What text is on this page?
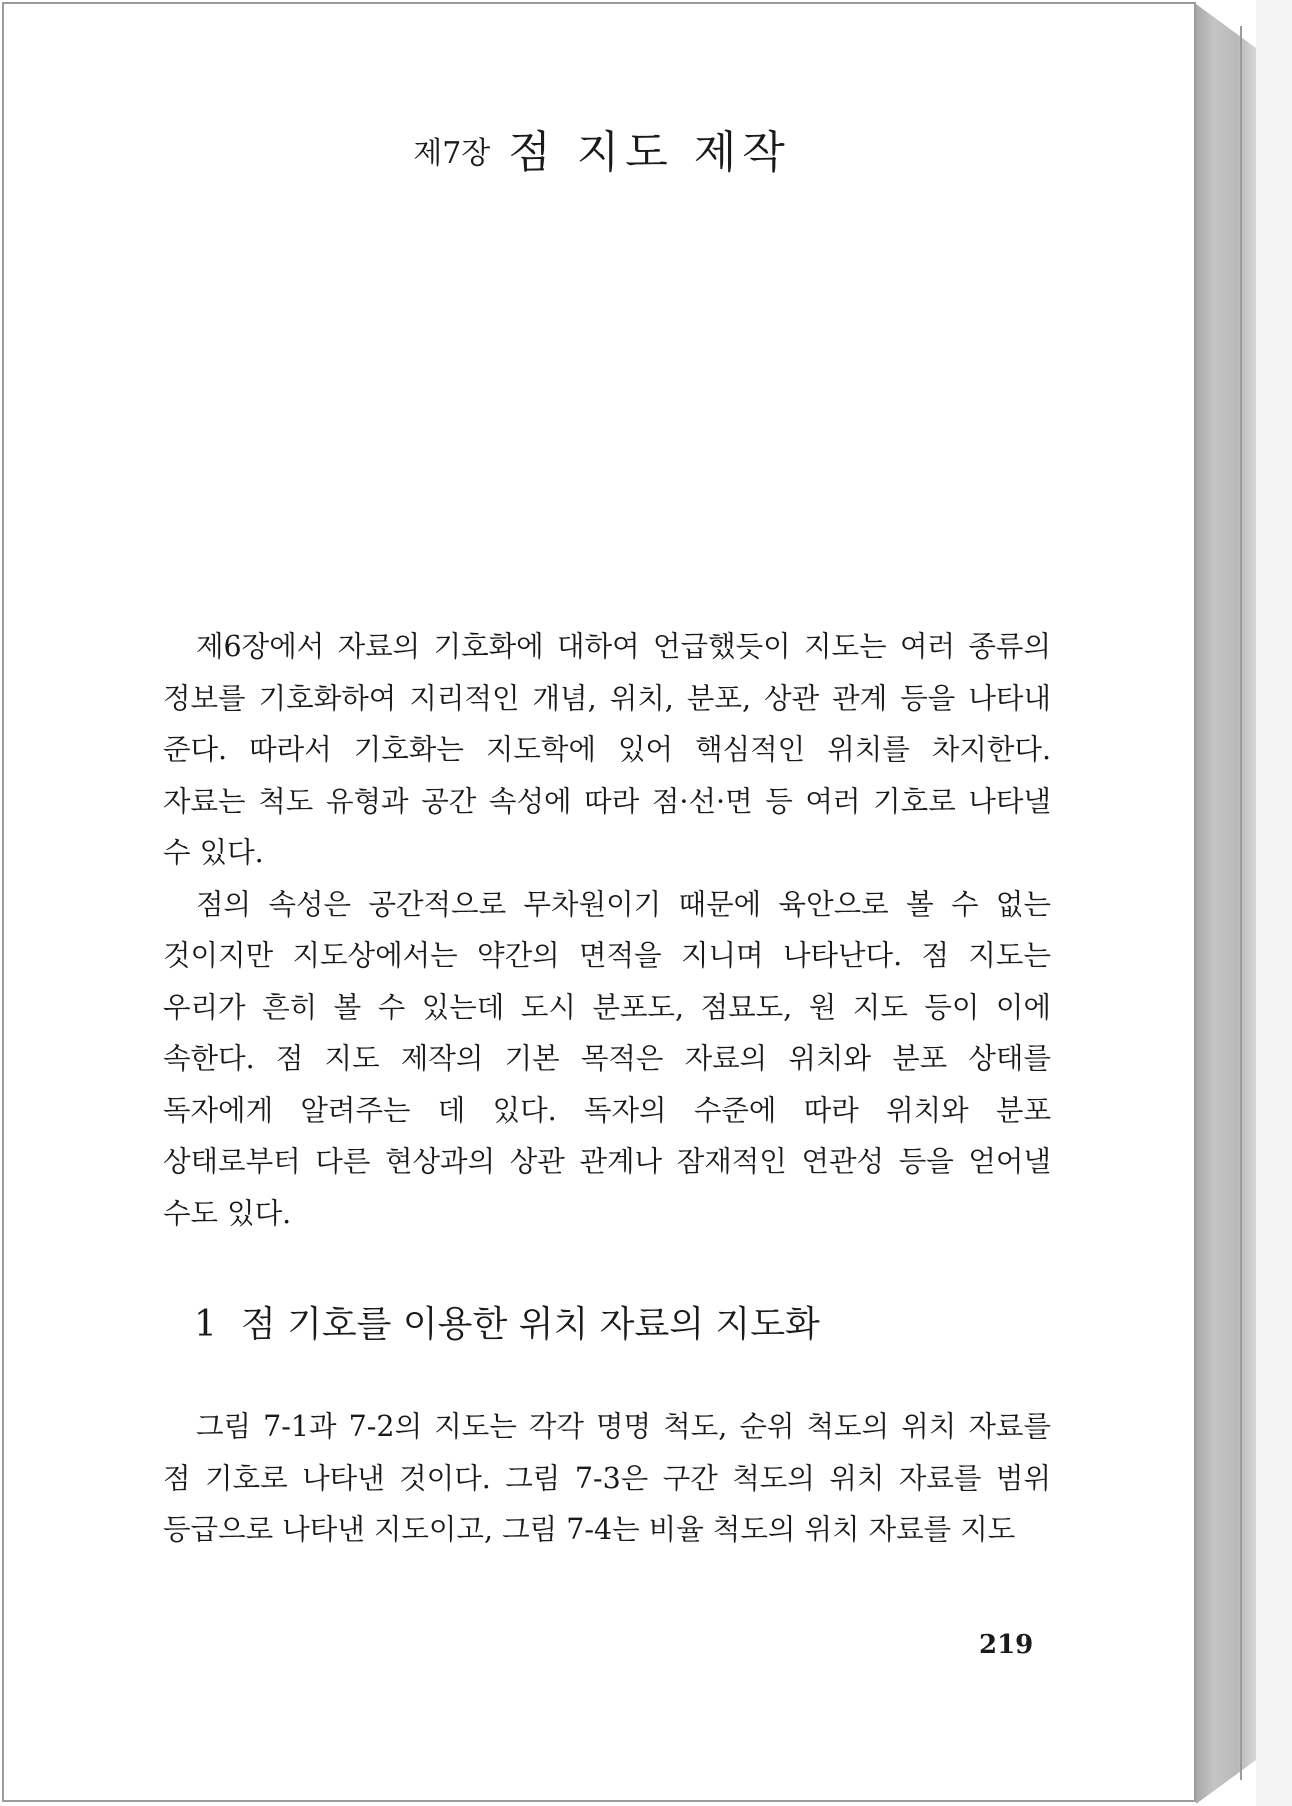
제7장 점 지도 제작

제6장에서 자료의 기호화에 대하여 언급했듯이 지도는 여러 종류의 정보를 기호화하여 지리적인 개념, 위치, 분포, 상관 관계 등을 나타내 준다. 따라서 기호화는 지도학에 있어 핵심적인 위치를 차지한다. 자료는 척도 유형과 공간 속성에 따라 점·선·면 등 여러 기호로 나타낼 수 있다.

점의 속성은 공간적으로 무차원이기 때문에 육안으로 볼 수 없는 것이지만 지도상에서는 약간의 면적을 지니며 나타난다. 점 지도는 우리가 흔히 볼 수 있는데 도시 분포도, 점묘도, 원 지도 등이 이에 속한다. 점 지도 제작의 기본 목적은 자료의 위치와 분포 상태를 독자에게 알려주는 데 있다. 독자의 수준에 따라 위치와 분포 상태로부터 다른 현상과의 상관 관계나 잠재적인 연관성 등을 얻어낼 수도 있다.

1 점 기호를 이용한 위치 자료의 지도화

그림 7-1과 7-2의 지도는 각각 명명 척도, 순위 척도의 위치 자료를 점 기호로 나타낸 것이다. 그림 7-3은 구간 척도의 위치 자료를 범위 등급으로 나타낸 지도이고, 그림 7-4는 비율 척도의 위치 자료를 지도

219
